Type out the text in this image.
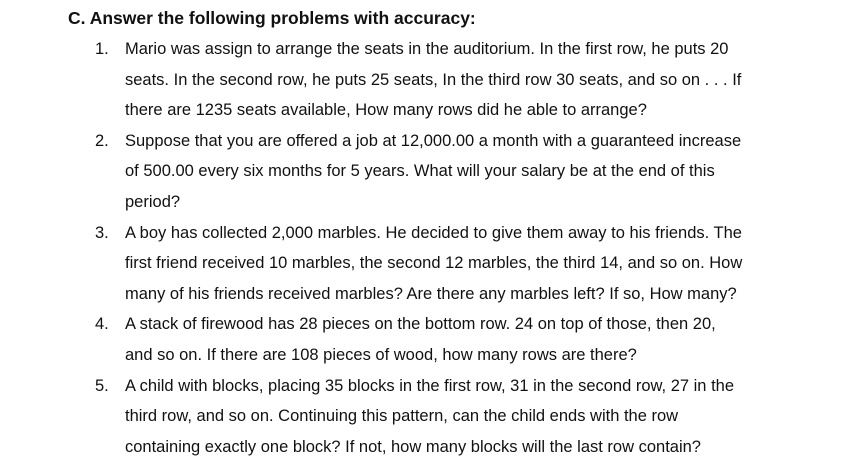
C. Answer the following problems with accuracy:
1. Mario was assign to arrange the seats in the auditorium. In the first row, he puts 20
seats. In the second row, he puts 25 seats, In the third row 30 seats, and so on . . . If
there are 1235 seats available, How many rows did he able to arrange?
2. Suppose that you are offered a job at 12,000.00 a month with a guaranteed increase
of 500.00 every six months for 5 years. What will your salary be at the end of this
period?
3. A boy has collected 2,000 marbles. He decided to give them away to his friends. The
first friend received 10 marbles, the second 12 marbles, the third 14, and so on. How
many of his friends received marbles? Are there any marbles left? If so, How many?
4. A stack of firewood has 28 pieces on the bottom row. 24 on top of those, then 20,
and so on. If there are 108 pieces of wood, how many rows are there?
5. A child with blocks, placing 35 blocks in the first row, 31 in the second row, 27 in the
third row, and so on. Continuing this pattern, can the child ends with the row
containing exactly one block? If not, how many blocks will the last row contain?
